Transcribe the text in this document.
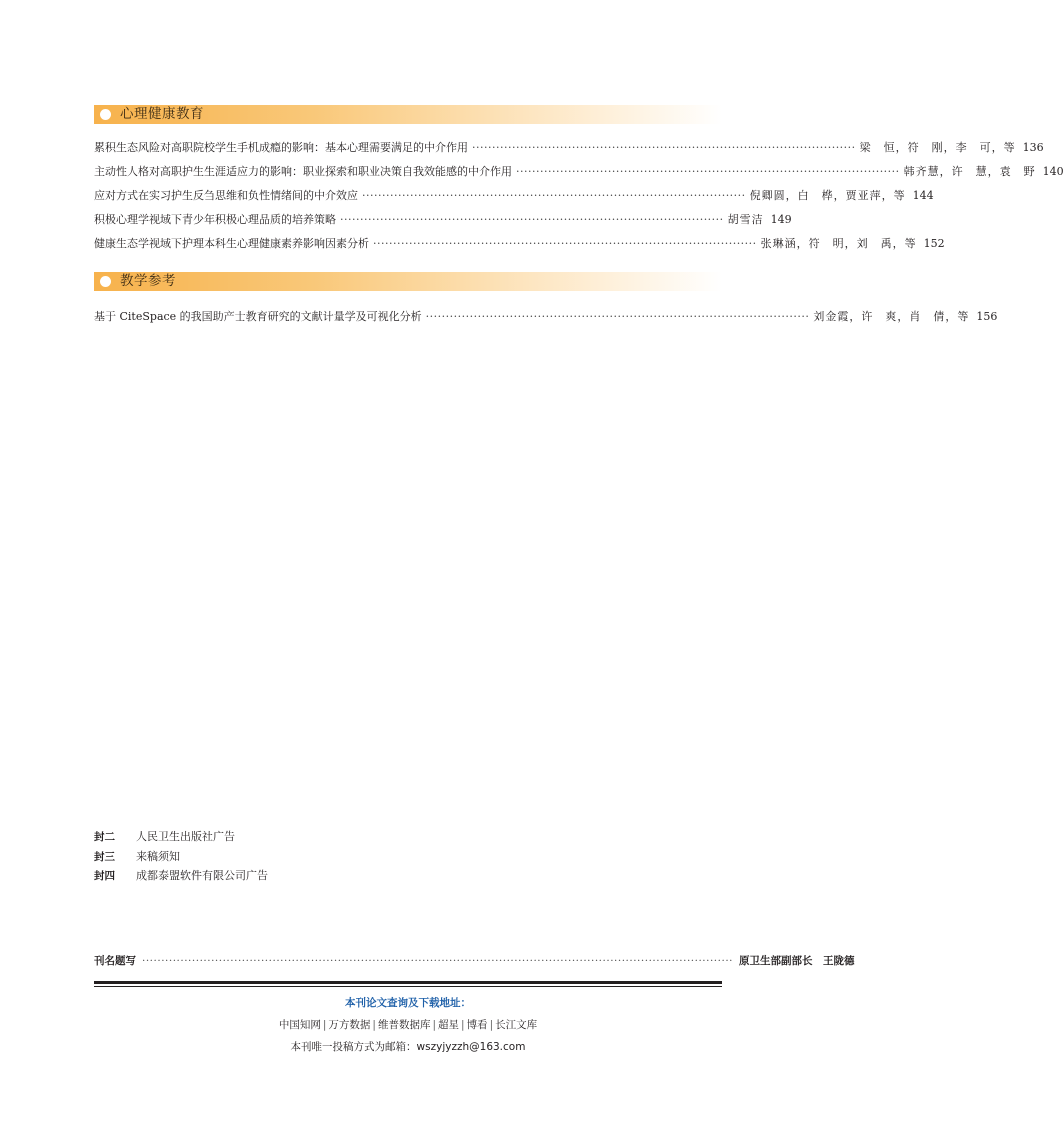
心理健康教育
累积生态风险对高职院校学生手机成瘾的影响：基本心理需要满足的中介作用 ································································································ 梁　恒，符　刚，李　可，等 136
主动性人格对高职护生生涯适应力的影响：职业探索和职业决策自我效能感的中介作用 ································································································ 韩齐慧，许　慧，袁　野 140
应对方式在实习护生反刍思维和负性情绪间的中介效应 ································································································ 倪卿圆，白　桦，贾亚萍，等 144
积极心理学视域下青少年积极心理品质的培养策略 ································································································ 胡雪洁 149
健康生态学视域下护理本科生心理健康素养影响因素分析 ································································································ 张琳涵，符　明，刘　禹，等 152
教学参考
基于 CiteSpace 的我国助产士教育研究的文献计量学及可视化分析 ································································································ 刘金霞，许　爽，肖　倩，等 156
封二 人民卫生出版社广告
封三 来稿须知
封四 成都泰盟软件有限公司广告
刊名题写 ·························································································································································· 原卫生部副部长　王陇德
本刊论文查询及下载地址：
中国知网 | 万方数据 | 维普数据库 | 超星 | 博看 | 长江文库
本刊唯一投稿方式为邮箱：wszyjyzzh@163.com
